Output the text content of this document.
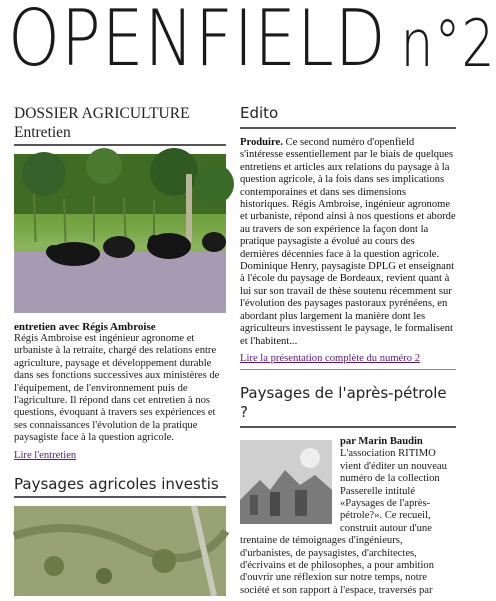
OPENFIELD n°2
DOSSIER AGRICULTURE
Entretien
entretien avec Régis Ambroise
Régis Ambroise est ingénieur agronome et urbaniste à la retraite, chargé des relations entre agriculture, paysage et développement durable dans ses fonctions successives aux ministères de l'équipement, de l'environnement puis de l'agriculture. Il répond dans cet entretien à nos questions, évoquant à travers ses expériences et ses connaissances l'évolution de la pratique paysagiste face à la question agricole.
Lire l'entretien
Paysages agricoles investis
Edito
Produire. Ce second numéro d'openfield s'intéresse essentiellement par le biais de quelques entretiens et articles aux relations du paysage à la question agricole, à la fois dans ses implications contemporaines et dans ses dimensions historiques. Régis Ambroise, ingénieur agronome et urbaniste, répond ainsi à nos questions et aborde au travers de son expérience la façon dont la pratique paysagiste a évolué au cours des dernières décennies face à la question agricole. Dominique Henry, paysagiste DPLG et enseignant à l'école du paysage de Bordeaux, revient quant à lui sur son travail de thèse soutenu récemment sur l'évolution des paysages pastoraux pyrénéens, en abordant plus largement la manière dont les agriculteurs investissent le paysage, le formalisent et l'habitent...
Lire la présentation complète du numéro 2
Paysages de l'après-pétrole ?
par Marin Baudin
L'association RITIMO vient d'éditer un nouveau numéro de la collection Passerelle intitulé «Paysages de l'après-pétrole?». Ce recueil, construit autour d'une trentaine de témoignages d'ingénieurs, d'urbanistes, de paysagistes, d'architectes, d'écrivains et de philosophes, a pour ambition d'ouvrir une réflexion sur notre temps, notre société et son rapport à l'espace, traversés par
